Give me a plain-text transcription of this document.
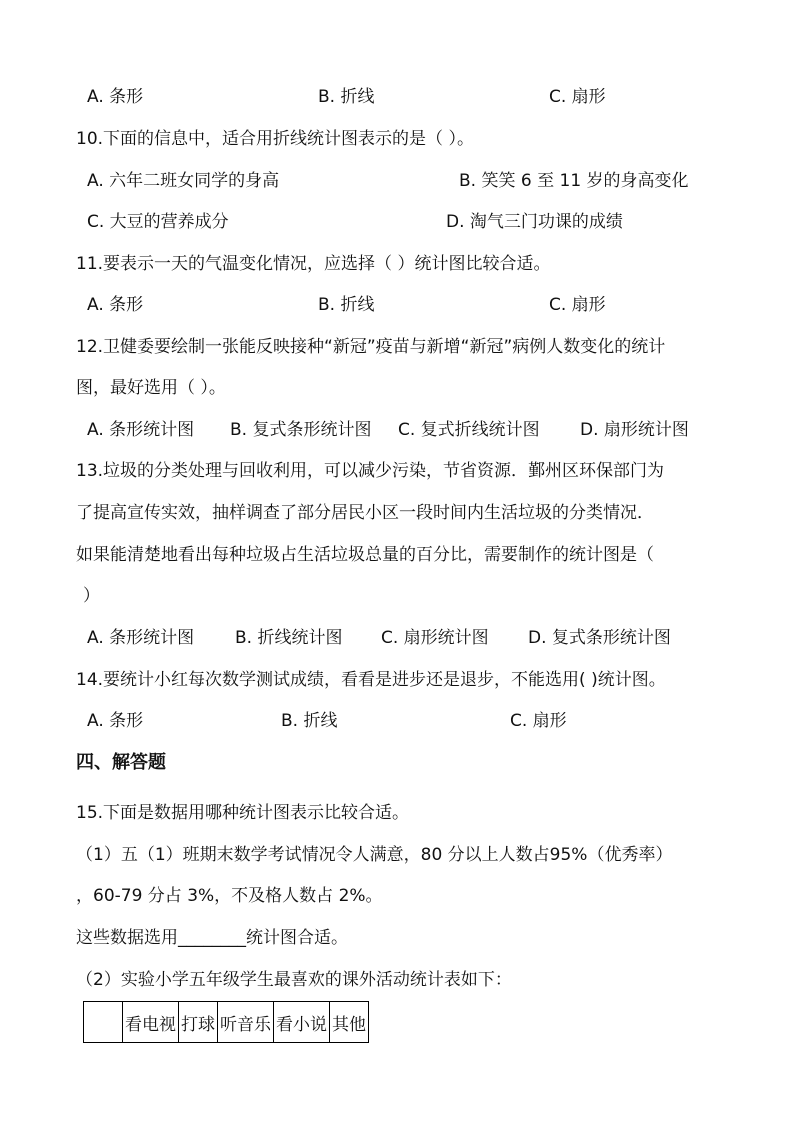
A. 条形	B. 折线	C. 扇形
10.下面的信息中，适合用折线统计图表示的是（ ）。
A. 六年二班女同学的身高	B. 笑笑 6 至 11 岁的身高变化
C. 大豆的营养成分	D. 淘气三门功课的成绩
11.要表示一天的气温变化情况，应选择（ ）统计图比较合适。
A. 条形	B. 折线	C. 扇形
12.卫健委要绘制一张能反映接种“新冠”疫苗与新增“新冠”病例人数变化的统计
图，最好选用（ ）。
A. 条形统计图 B. 复式条形统计图 C. 复式折线统计图 D. 扇形统计图
13.垃圾的分类处理与回收利用，可以减少污染，节省资源．鄞州区环保部门为
了提高宣传实效，抽样调查了部分居民小区一段时间内生活垃圾的分类情况．
如果能清楚地看出每种垃圾占生活垃圾总量的百分比，需要制作的统计图是（
）
A. 条形统计图 B. 折线统计图 C. 扇形统计图 D. 复式条形统计图
14.要统计小红每次数学测试成绩，看看是进步还是退步，不能选用( )统计图。
A. 条形	B. 折线	C. 扇形
四、解答题
15.下面是数据用哪种统计图表示比较合适。
（1）五（1）班期末数学考试情况令人满意，80 分以上人数占95%（优秀率）
，60-79 分占 3%，不及格人数占 2%。
这些数据选用________统计图合适。
（2）实验小学五年级学生最喜欢的课外活动统计表如下：
	看电视	打球	听音乐	看小说	其他
